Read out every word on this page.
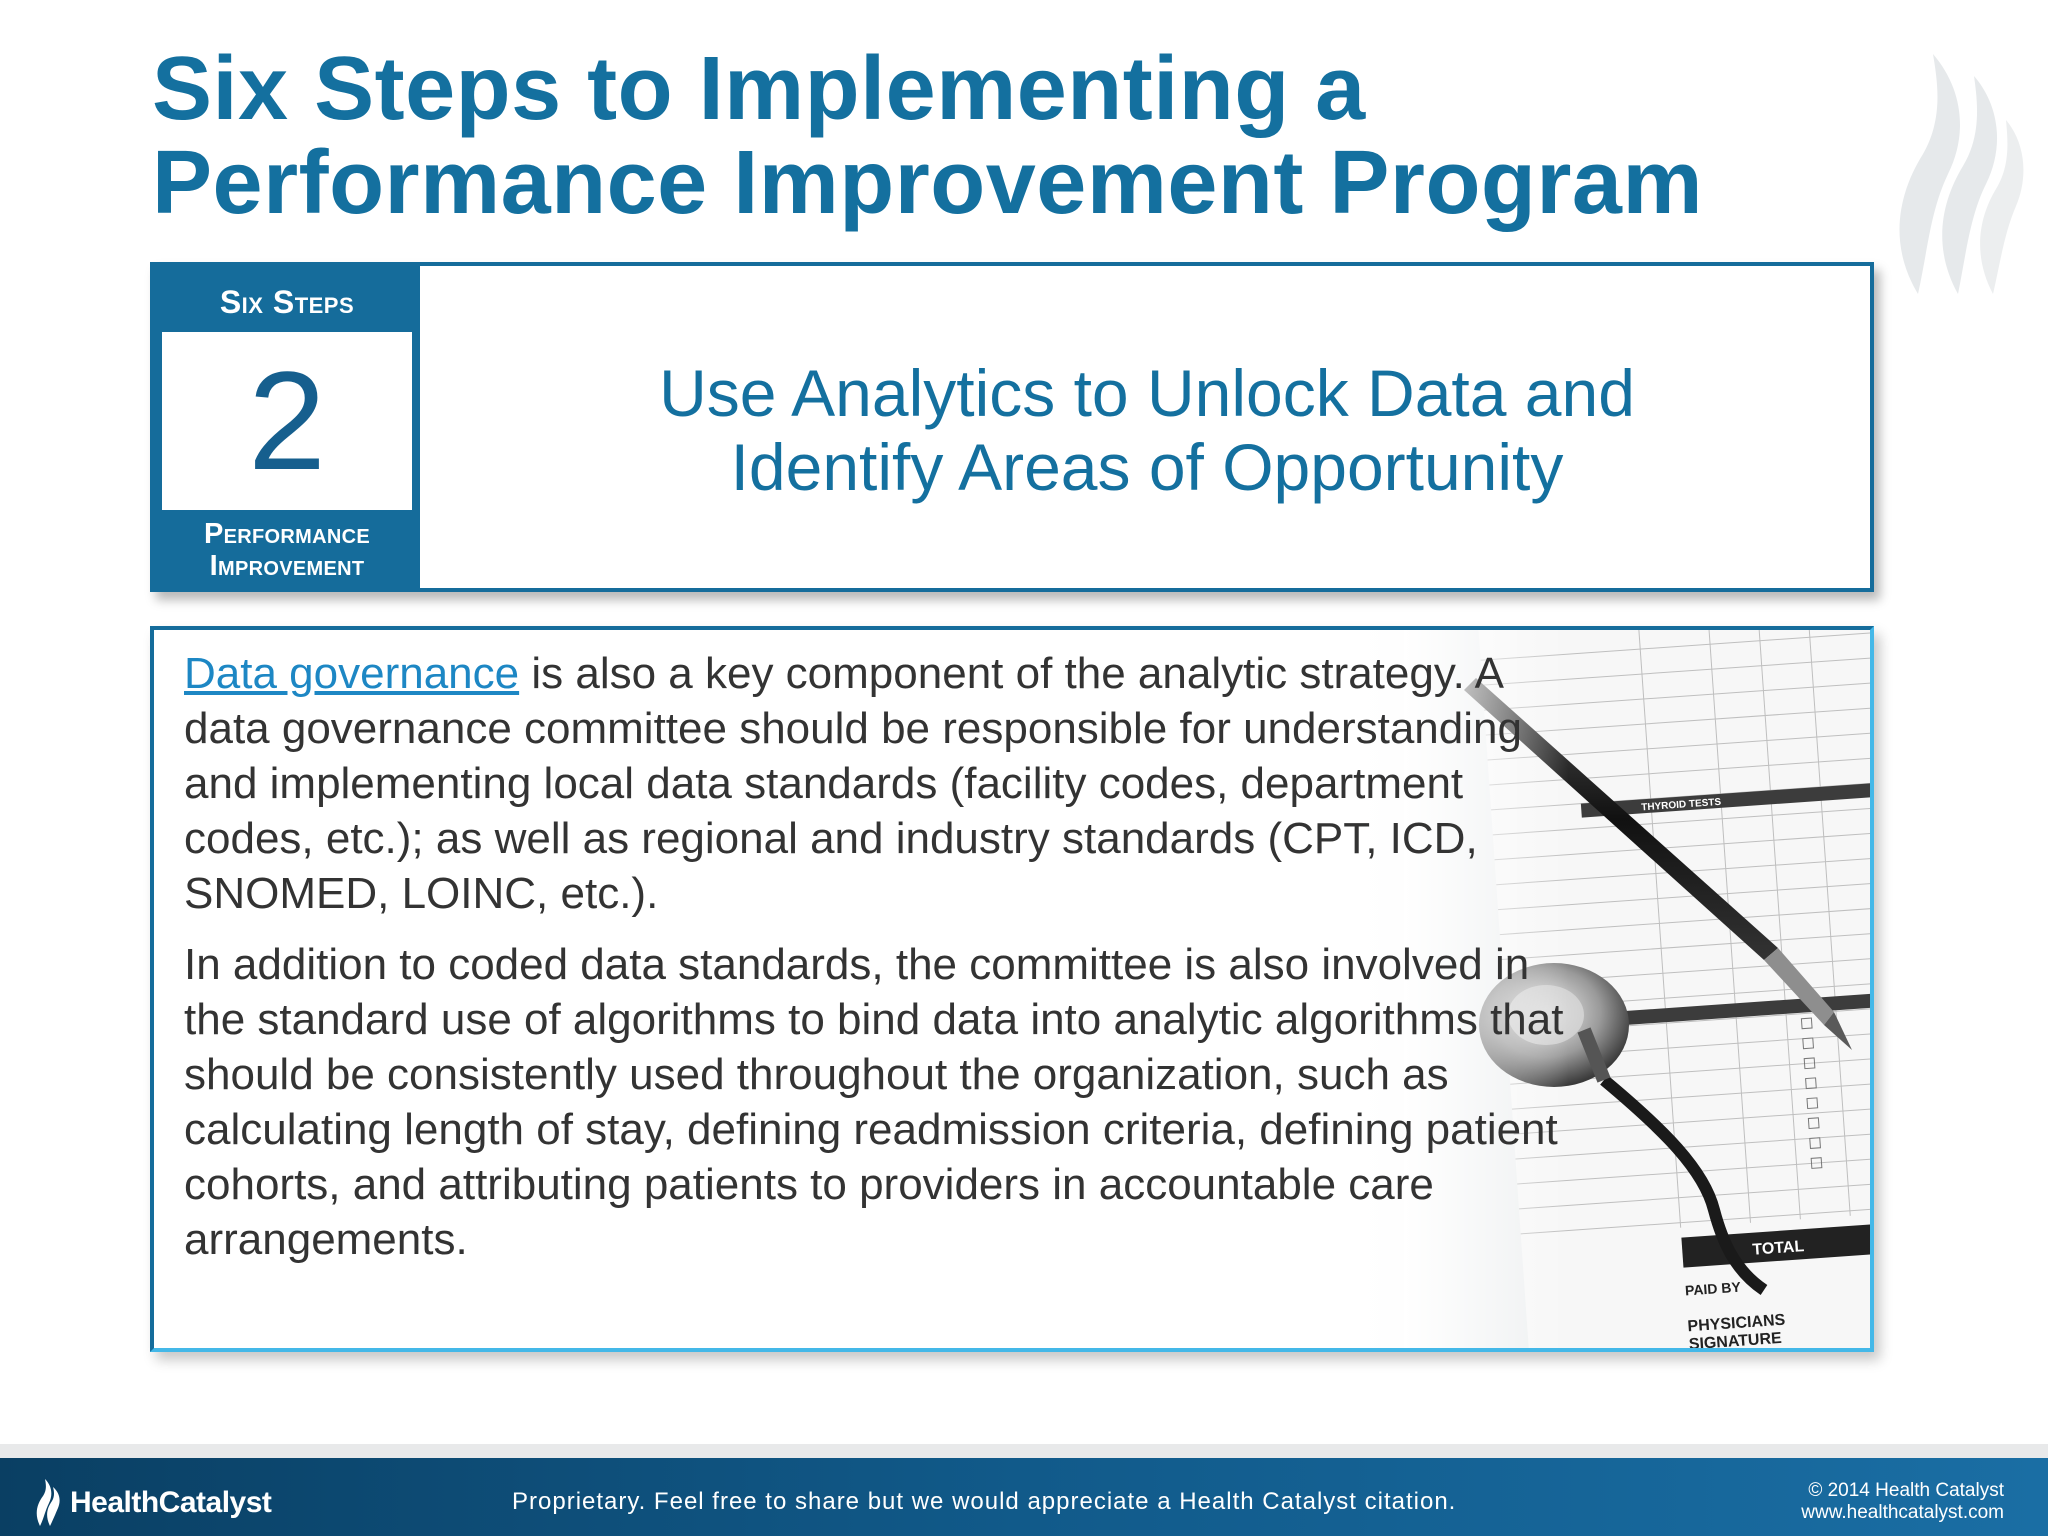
Six Steps to Implementing a
Performance Improvement Program
Six Steps
2
Performance
Improvement
Use Analytics to Unlock Data and
Identify Areas of Opportunity

Data governance is also a key component of the analytic strategy. A data governance committee should be responsible for understanding and implementing local data standards (facility codes, department codes, etc.); as well as regional and industry standards (CPT, ICD, SNOMED, LOINC, etc.).

In addition to coded data standards, the committee is also involved in the standard use of algorithms to bind data into analytic algorithms that should be consistently used throughout the organization, such as calculating length of stay, defining readmission criteria, defining patient cohorts, and attributing patients to providers in accountable care arrangements.

HealthCatalyst	Proprietary. Feel free to share but we would appreciate a Health Catalyst citation.	© 2014 Health Catalyst
www.healthcatalyst.com
